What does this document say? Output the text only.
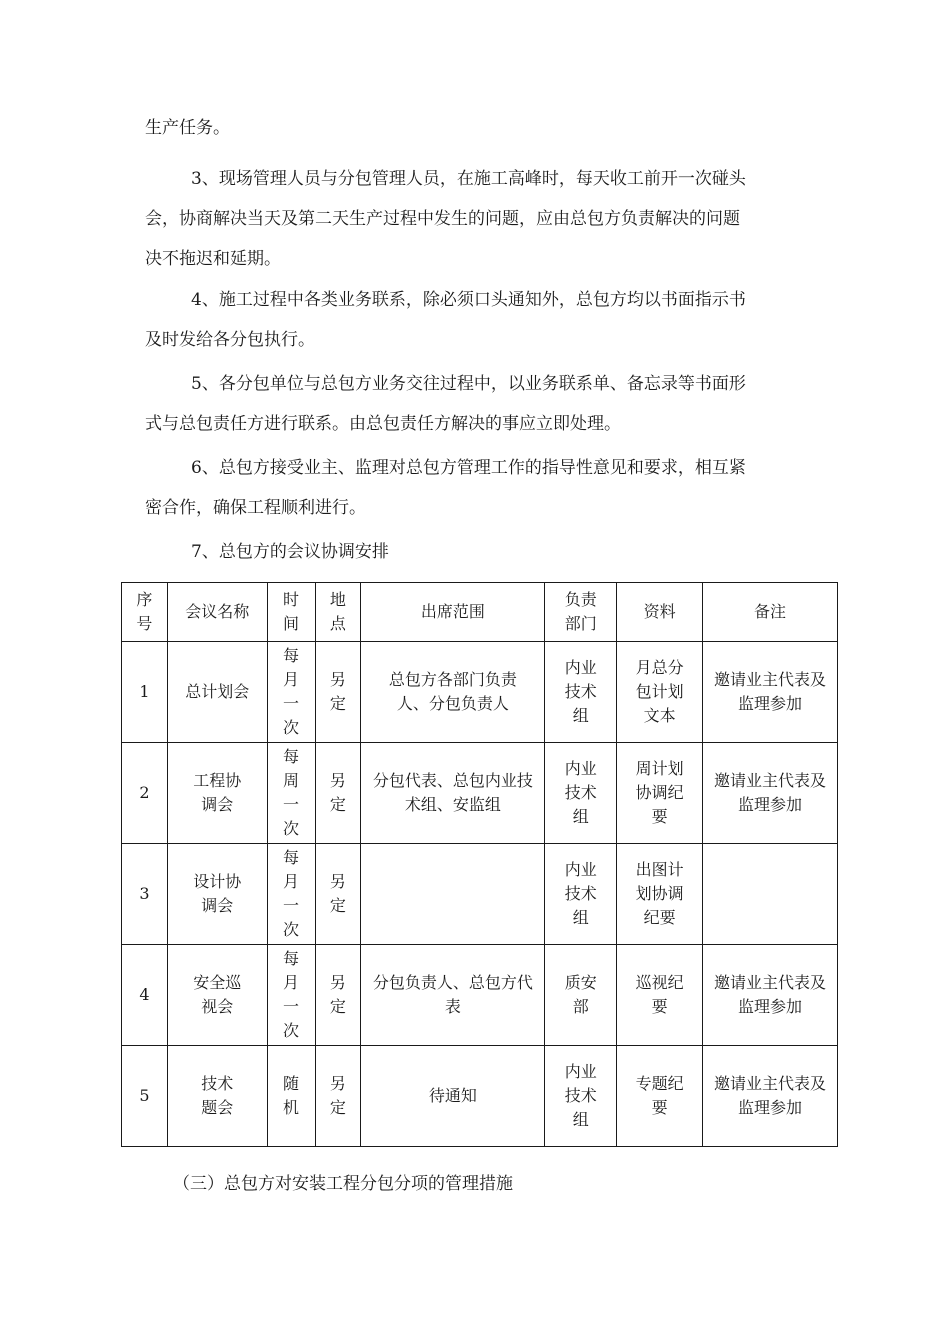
生产任务。

3、现场管理人员与分包管理人员，在施工高峰时，每天收工前开一次碰头
会，协商解决当天及第二天生产过程中发生的问题，应由总包方负责解决的问题
决不拖迟和延期。

4、施工过程中各类业务联系，除必须口头通知外，总包方均以书面指示书
及时发给各分包执行。

5、各分包单位与总包方业务交往过程中，以业务联系单、备忘录等书面形
式与总包责任方进行联系。由总包责任方解决的事应立即处理。

6、总包方接受业主、监理对总包方管理工作的指导性意见和要求，相互紧
密合作，确保工程顺利进行。

7、总包方的会议协调安排

序号	会议名称	时间	地点	出席范围	负责部门	资料	备注
1	总计划会	每月一次	另定	总包方各部门负责人、分包负责人	内业技术组	月总分包计划文本	邀请业主代表及监理参加
2	工程协调会	每周一次	另定	分包代表、总包内业技术组、安监组	内业技术组	周计划协调纪要	邀请业主代表及监理参加
3	设计协调会	每月一次	另定		内业技术组	出图计划协调纪要	
4	安全巡视会	每月一次	另定	分包负责人、总包方代表	质安部	巡视纪要	邀请业主代表及监理参加
5	技术题会	随机	另定	待通知	内业技术组	专题纪要	邀请业主代表及监理参加

（三）总包方对安装工程分包分项的管理措施
